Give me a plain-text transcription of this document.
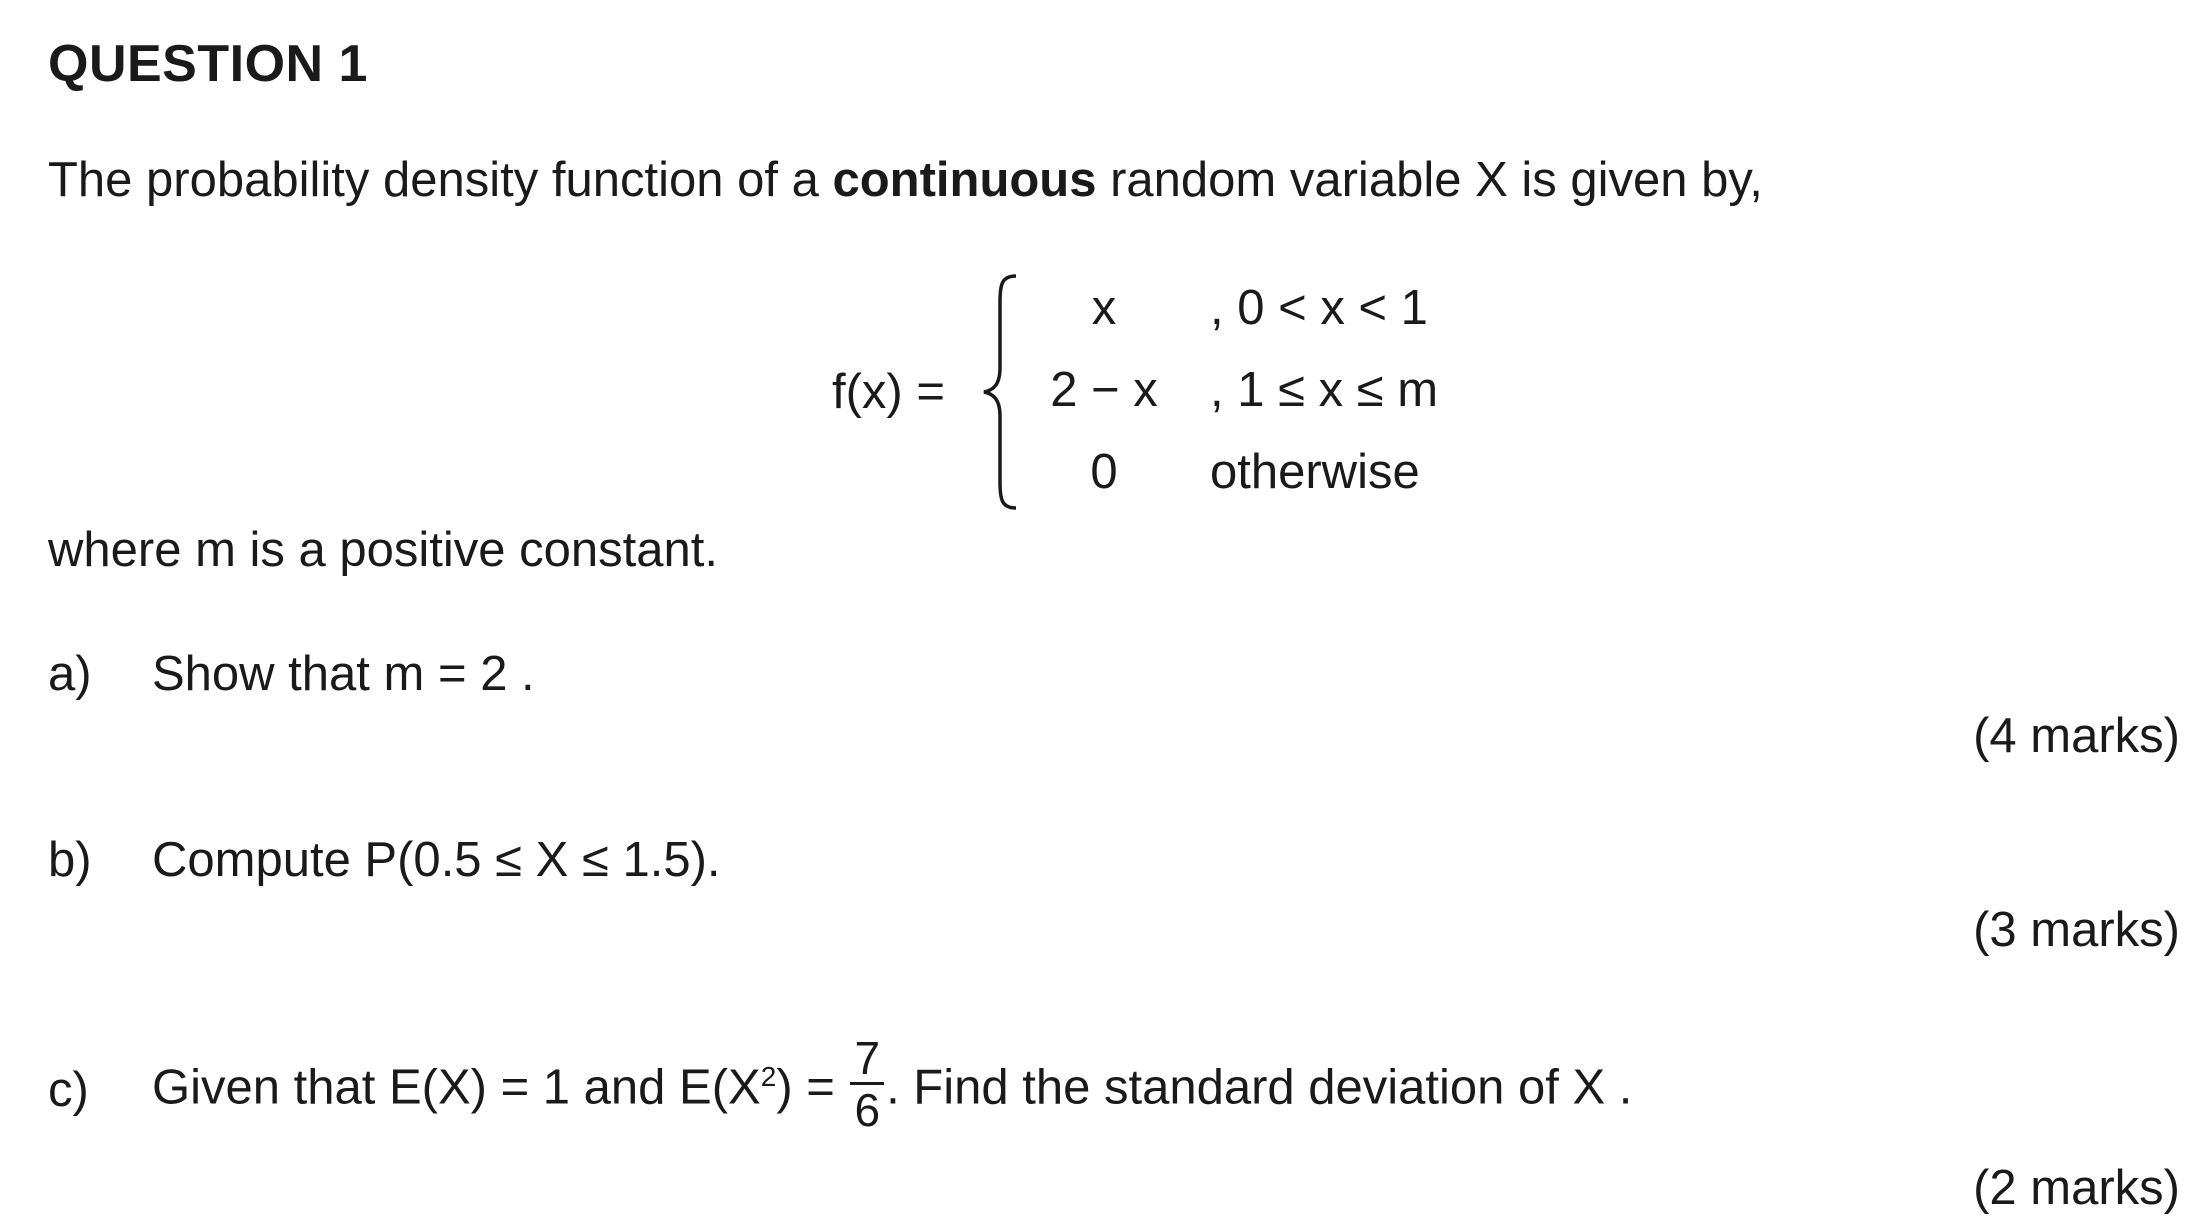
QUESTION 1
The probability density function of a continuous random variable X is given by,
f(x) =
x	, 0 < x < 1
2 − x	, 1 ≤ x ≤ m
0	otherwise
where m is a positive constant.
a) Show that m = 2 .
(4 marks)
b) Compute P(0.5 ≤ X ≤ 1.5).
(3 marks)
c) Given that E(X) = 1 and $E(X^2) = \frac{7}{6}$ . Find the standard deviation of X .
(2 marks)
